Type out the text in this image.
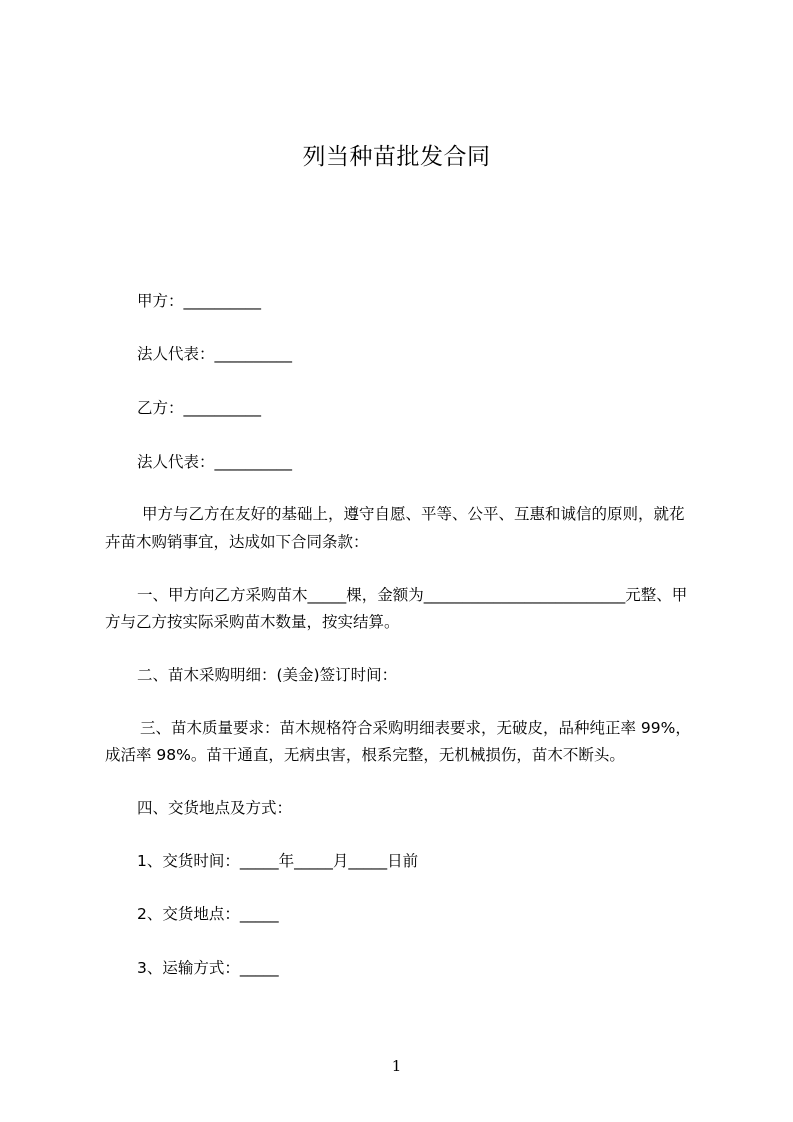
列当种苗批发合同
甲方：__________
法人代表：__________
乙方：__________
法人代表：__________
甲方与乙方在友好的基础上，遵守自愿、平等、公平、互惠和诚信的原则，就花
卉苗木购销事宜，达成如下合同条款：
一、甲方向乙方采购苗木_____棵，金额为__________________________元整、甲
方与乙方按实际采购苗木数量，按实结算。
二、苗木采购明细：(美金)签订时间：
三、苗木质量要求：苗木规格符合采购明细表要求，无破皮，品种纯正率 99%，
成活率 98%。苗干通直，无病虫害，根系完整，无机械损伤，苗木不断头。
四、交货地点及方式：
1、交货时间：_____年_____月_____日前
2、交货地点：_____
3、运输方式：_____
1
